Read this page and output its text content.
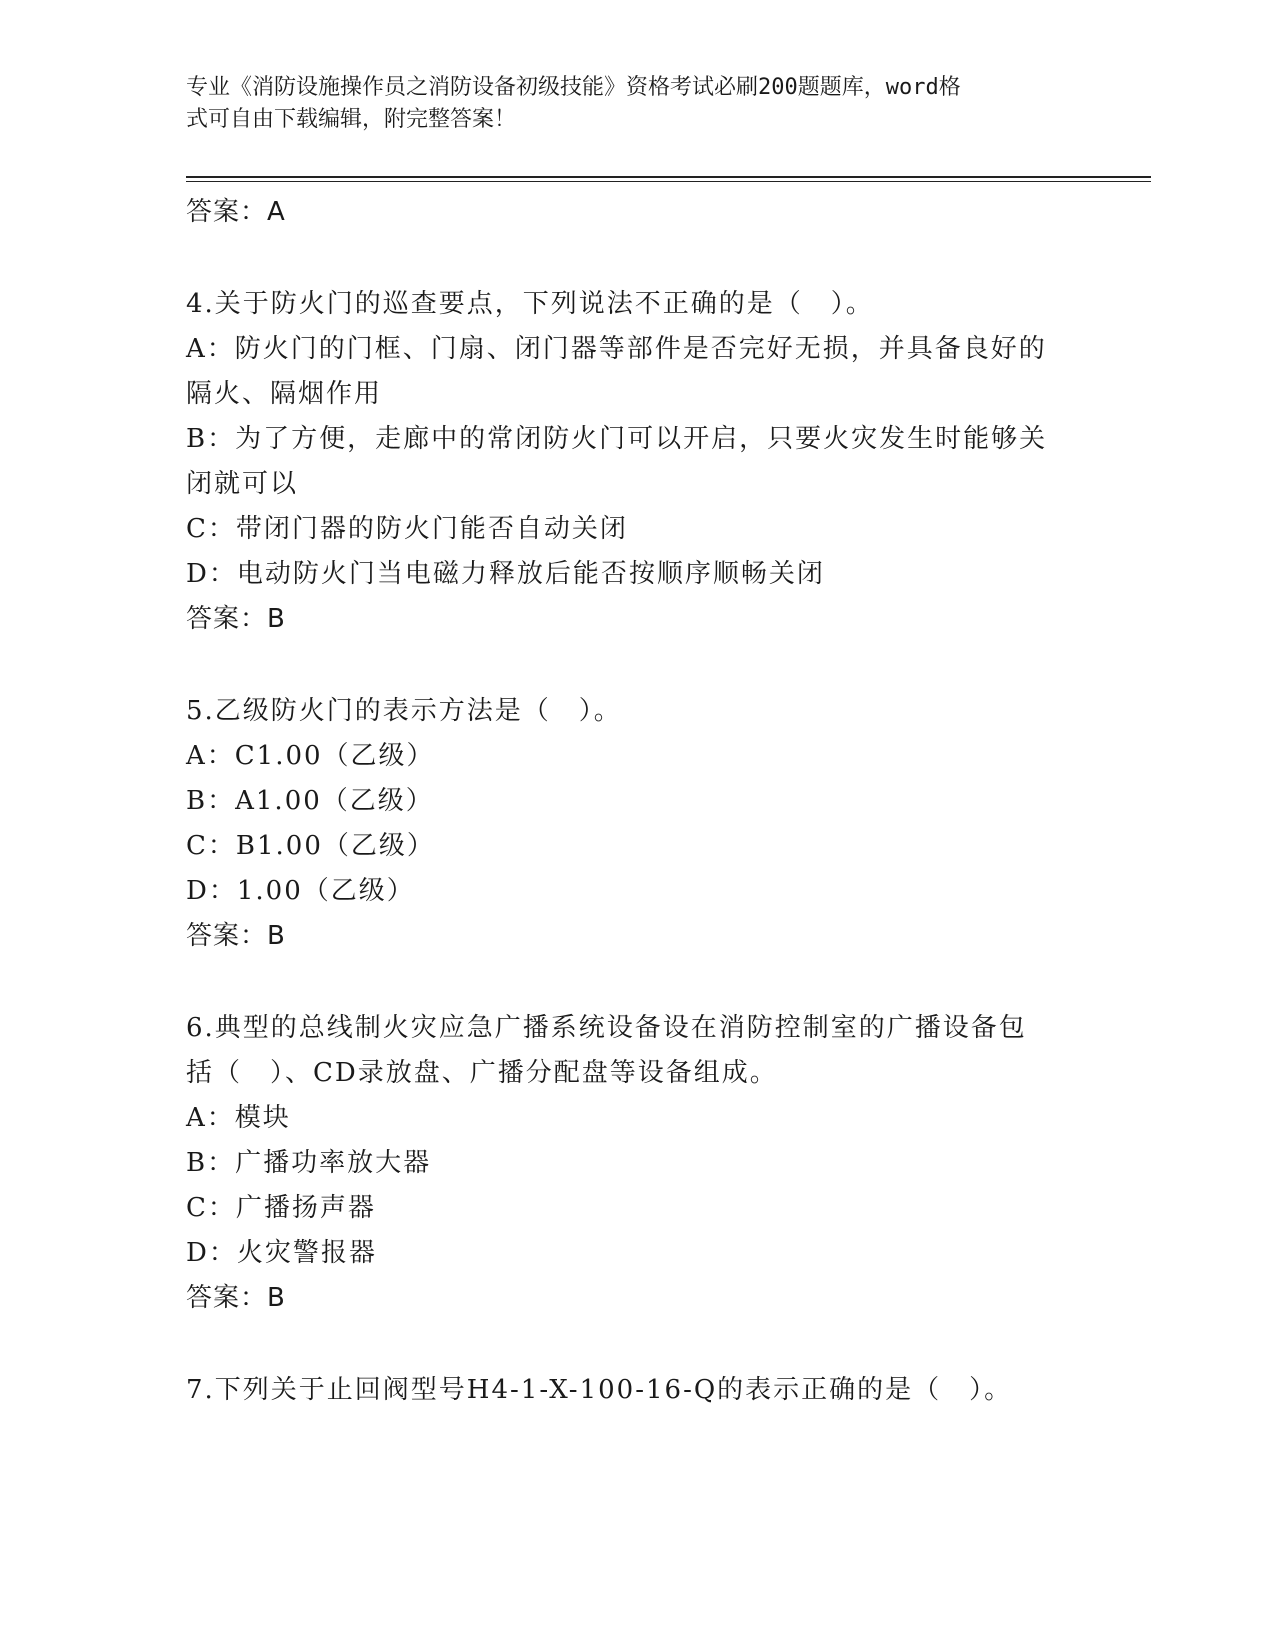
专业《消防设施操作员之消防设备初级技能》资格考试必刷200题题库，word格
式可自由下载编辑，附完整答案！
答案：A
4.关于防火门的巡查要点，下列说法不正确的是（　）。
A：防火门的门框、门扇、闭门器等部件是否完好无损，并具备良好的
隔火、隔烟作用
B：为了方便，走廊中的常闭防火门可以开启，只要火灾发生时能够关
闭就可以
C：带闭门器的防火门能否自动关闭
D：电动防火门当电磁力释放后能否按顺序顺畅关闭
答案：B
5.乙级防火门的表示方法是（　）。
A：C1.00（乙级）
B：A1.00（乙级）
C：B1.00（乙级）
D：1.00（乙级）
答案：B
6.典型的总线制火灾应急广播系统设备设在消防控制室的广播设备包
括（　）、CD录放盘、广播分配盘等设备组成。
A：模块
B：广播功率放大器
C：广播扬声器
D：火灾警报器
答案：B
7.下列关于止回阀型号H4-1-X-100-16-Q的表示正确的是（　）。
